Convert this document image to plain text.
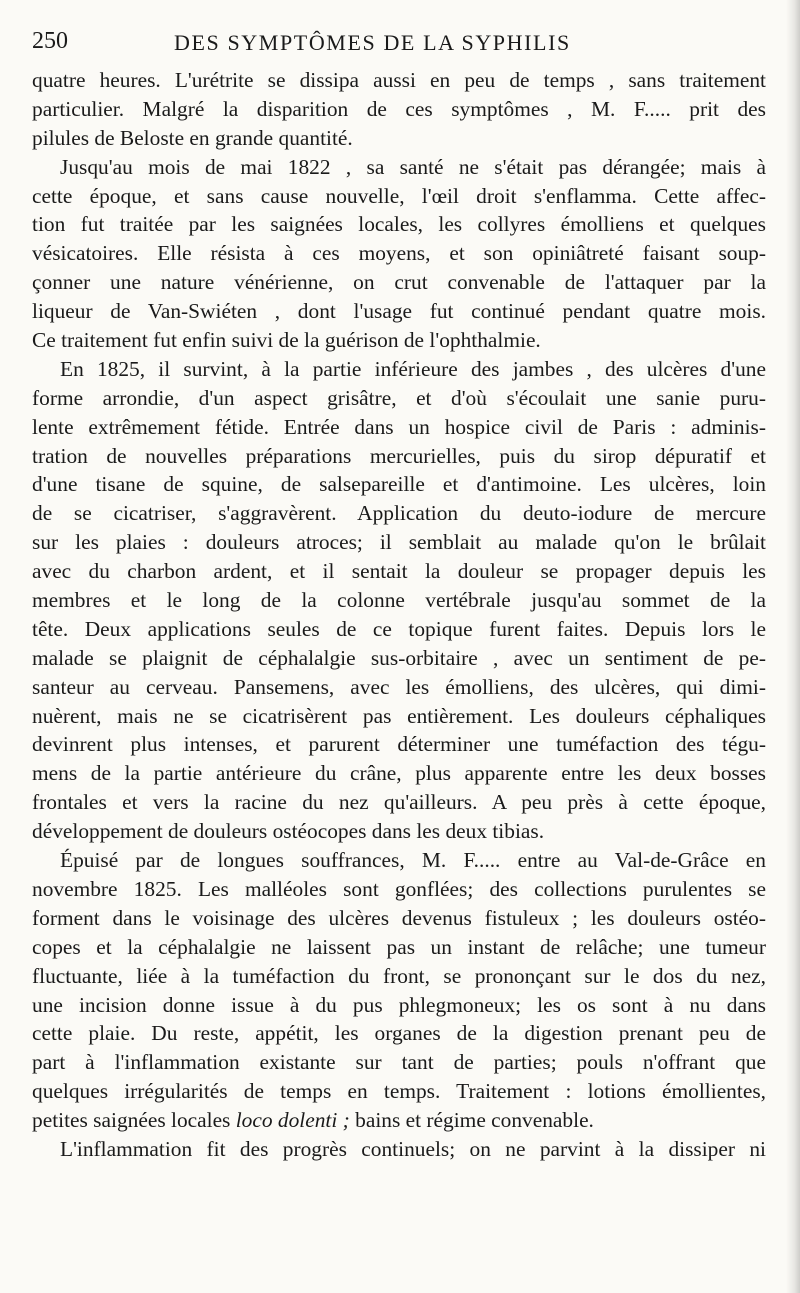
250	DES SYMPTÔMES DE LA SYPHILIS
quatre heures. L'urétrite se dissipa aussi en peu de temps , sans traitement
particulier. Malgré la disparition de ces symptômes , M. F..... prit des
pilules de Beloste en grande quantité.
Jusqu'au mois de mai 1822 , sa santé ne s'était pas dérangée; mais à
cette époque, et sans cause nouvelle, l'œil droit s'enflamma. Cette affec-
tion fut traitée par les saignées locales, les collyres émolliens et quelques
vésicatoires. Elle résista à ces moyens, et son opiniâtreté faisant soup-
çonner une nature vénérienne, on crut convenable de l'attaquer par la
liqueur de Van-Swiéten , dont l'usage fut continué pendant quatre mois.
Ce traitement fut enfin suivi de la guérison de l'ophthalmie.
En 1825, il survint, à la partie inférieure des jambes , des ulcères d'une
forme arrondie, d'un aspect grisâtre, et d'où s'écoulait une sanie puru-
lente extrêmement fétide. Entrée dans un hospice civil de Paris : adminis-
tration de nouvelles préparations mercurielles, puis du sirop dépuratif et
d'une tisane de squine, de salsepareille et d'antimoine. Les ulcères, loin
de se cicatriser, s'aggravèrent. Application du deuto-iodure de mercure
sur les plaies : douleurs atroces; il semblait au malade qu'on le brûlait
avec du charbon ardent, et il sentait la douleur se propager depuis les
membres et le long de la colonne vertébrale jusqu'au sommet de la
tête. Deux applications seules de ce topique furent faites. Depuis lors le
malade se plaignit de céphalalgie sus-orbitaire , avec un sentiment de pe-
santeur au cerveau. Pansemens, avec les émolliens, des ulcères, qui dimi-
nuèrent, mais ne se cicatrisèrent pas entièrement. Les douleurs céphaliques
devinrent plus intenses, et parurent déterminer une tuméfaction des tégu-
mens de la partie antérieure du crâne, plus apparente entre les deux bosses
frontales et vers la racine du nez qu'ailleurs. A peu près à cette époque,
développement de douleurs ostéocopes dans les deux tibias.
Épuisé par de longues souffrances, M. F..... entre au Val-de-Grâce en
novembre 1825. Les malléoles sont gonflées; des collections purulentes se
forment dans le voisinage des ulcères devenus fistuleux ; les douleurs ostéo-
copes et la céphalalgie ne laissent pas un instant de relâche; une tumeur
fluctuante, liée à la tuméfaction du front, se prononçant sur le dos du nez,
une incision donne issue à du pus phlegmoneux; les os sont à nu dans
cette plaie. Du reste, appétit, les organes de la digestion prenant peu de
part à l'inflammation existante sur tant de parties; pouls n'offrant que
quelques irrégularités de temps en temps. Traitement : lotions émollientes,
petites saignées locales loco dolenti ; bains et régime convenable.
L'inflammation fit des progrès continuels; on ne parvint à la dissiper ni
